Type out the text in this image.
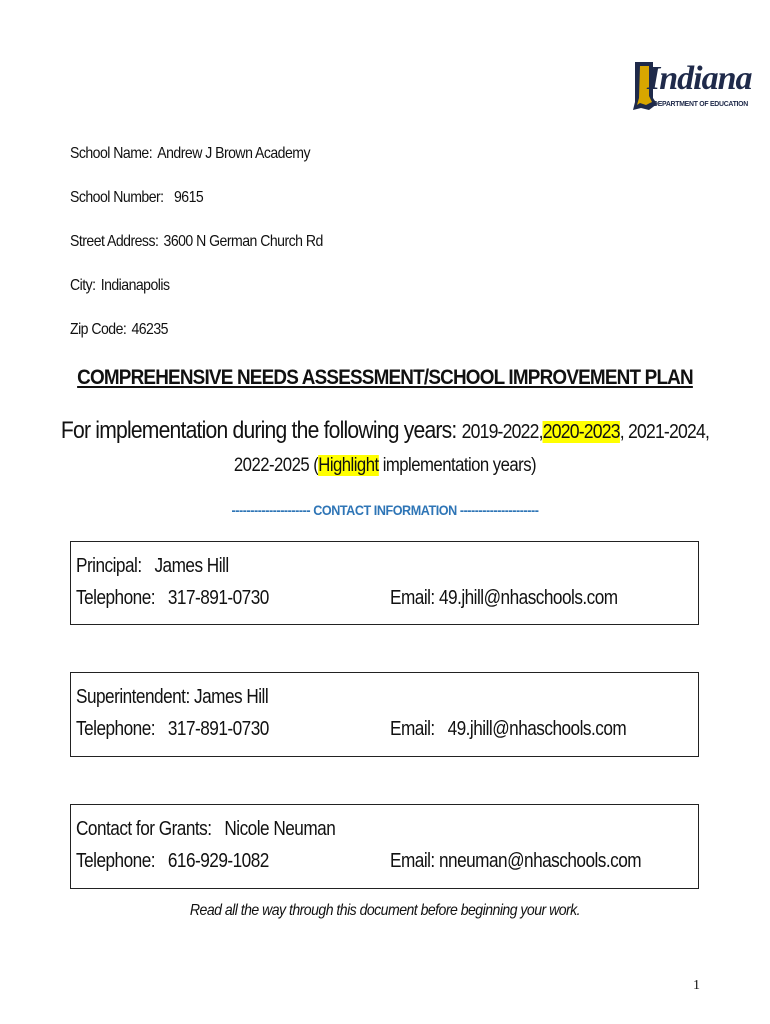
Indiana
DEPARTMENT OF EDUCATION
School Name: Andrew J Brown Academy
School Number: 9615
Street Address: 3600 N German Church Rd
City: Indianapolis
Zip Code: 46235
COMPREHENSIVE NEEDS ASSESSMENT/SCHOOL IMPROVEMENT PLAN
For implementation during the following years: 2019-2022,2020-2023, 2021-2024,
2022-2025 (Highlight implementation years)
--------------------- CONTACT INFORMATION ---------------------
Principal: James Hill
Telephone: 317-891-0730	Email: 49.jhill@nhaschools.com
Superintendent: James Hill
Telephone: 317-891-0730	Email: 49.jhill@nhaschools.com
Contact for Grants: Nicole Neuman
Telephone: 616-929-1082	Email: nneuman@nhaschools.com
Read all the way through this document before beginning your work.
1
